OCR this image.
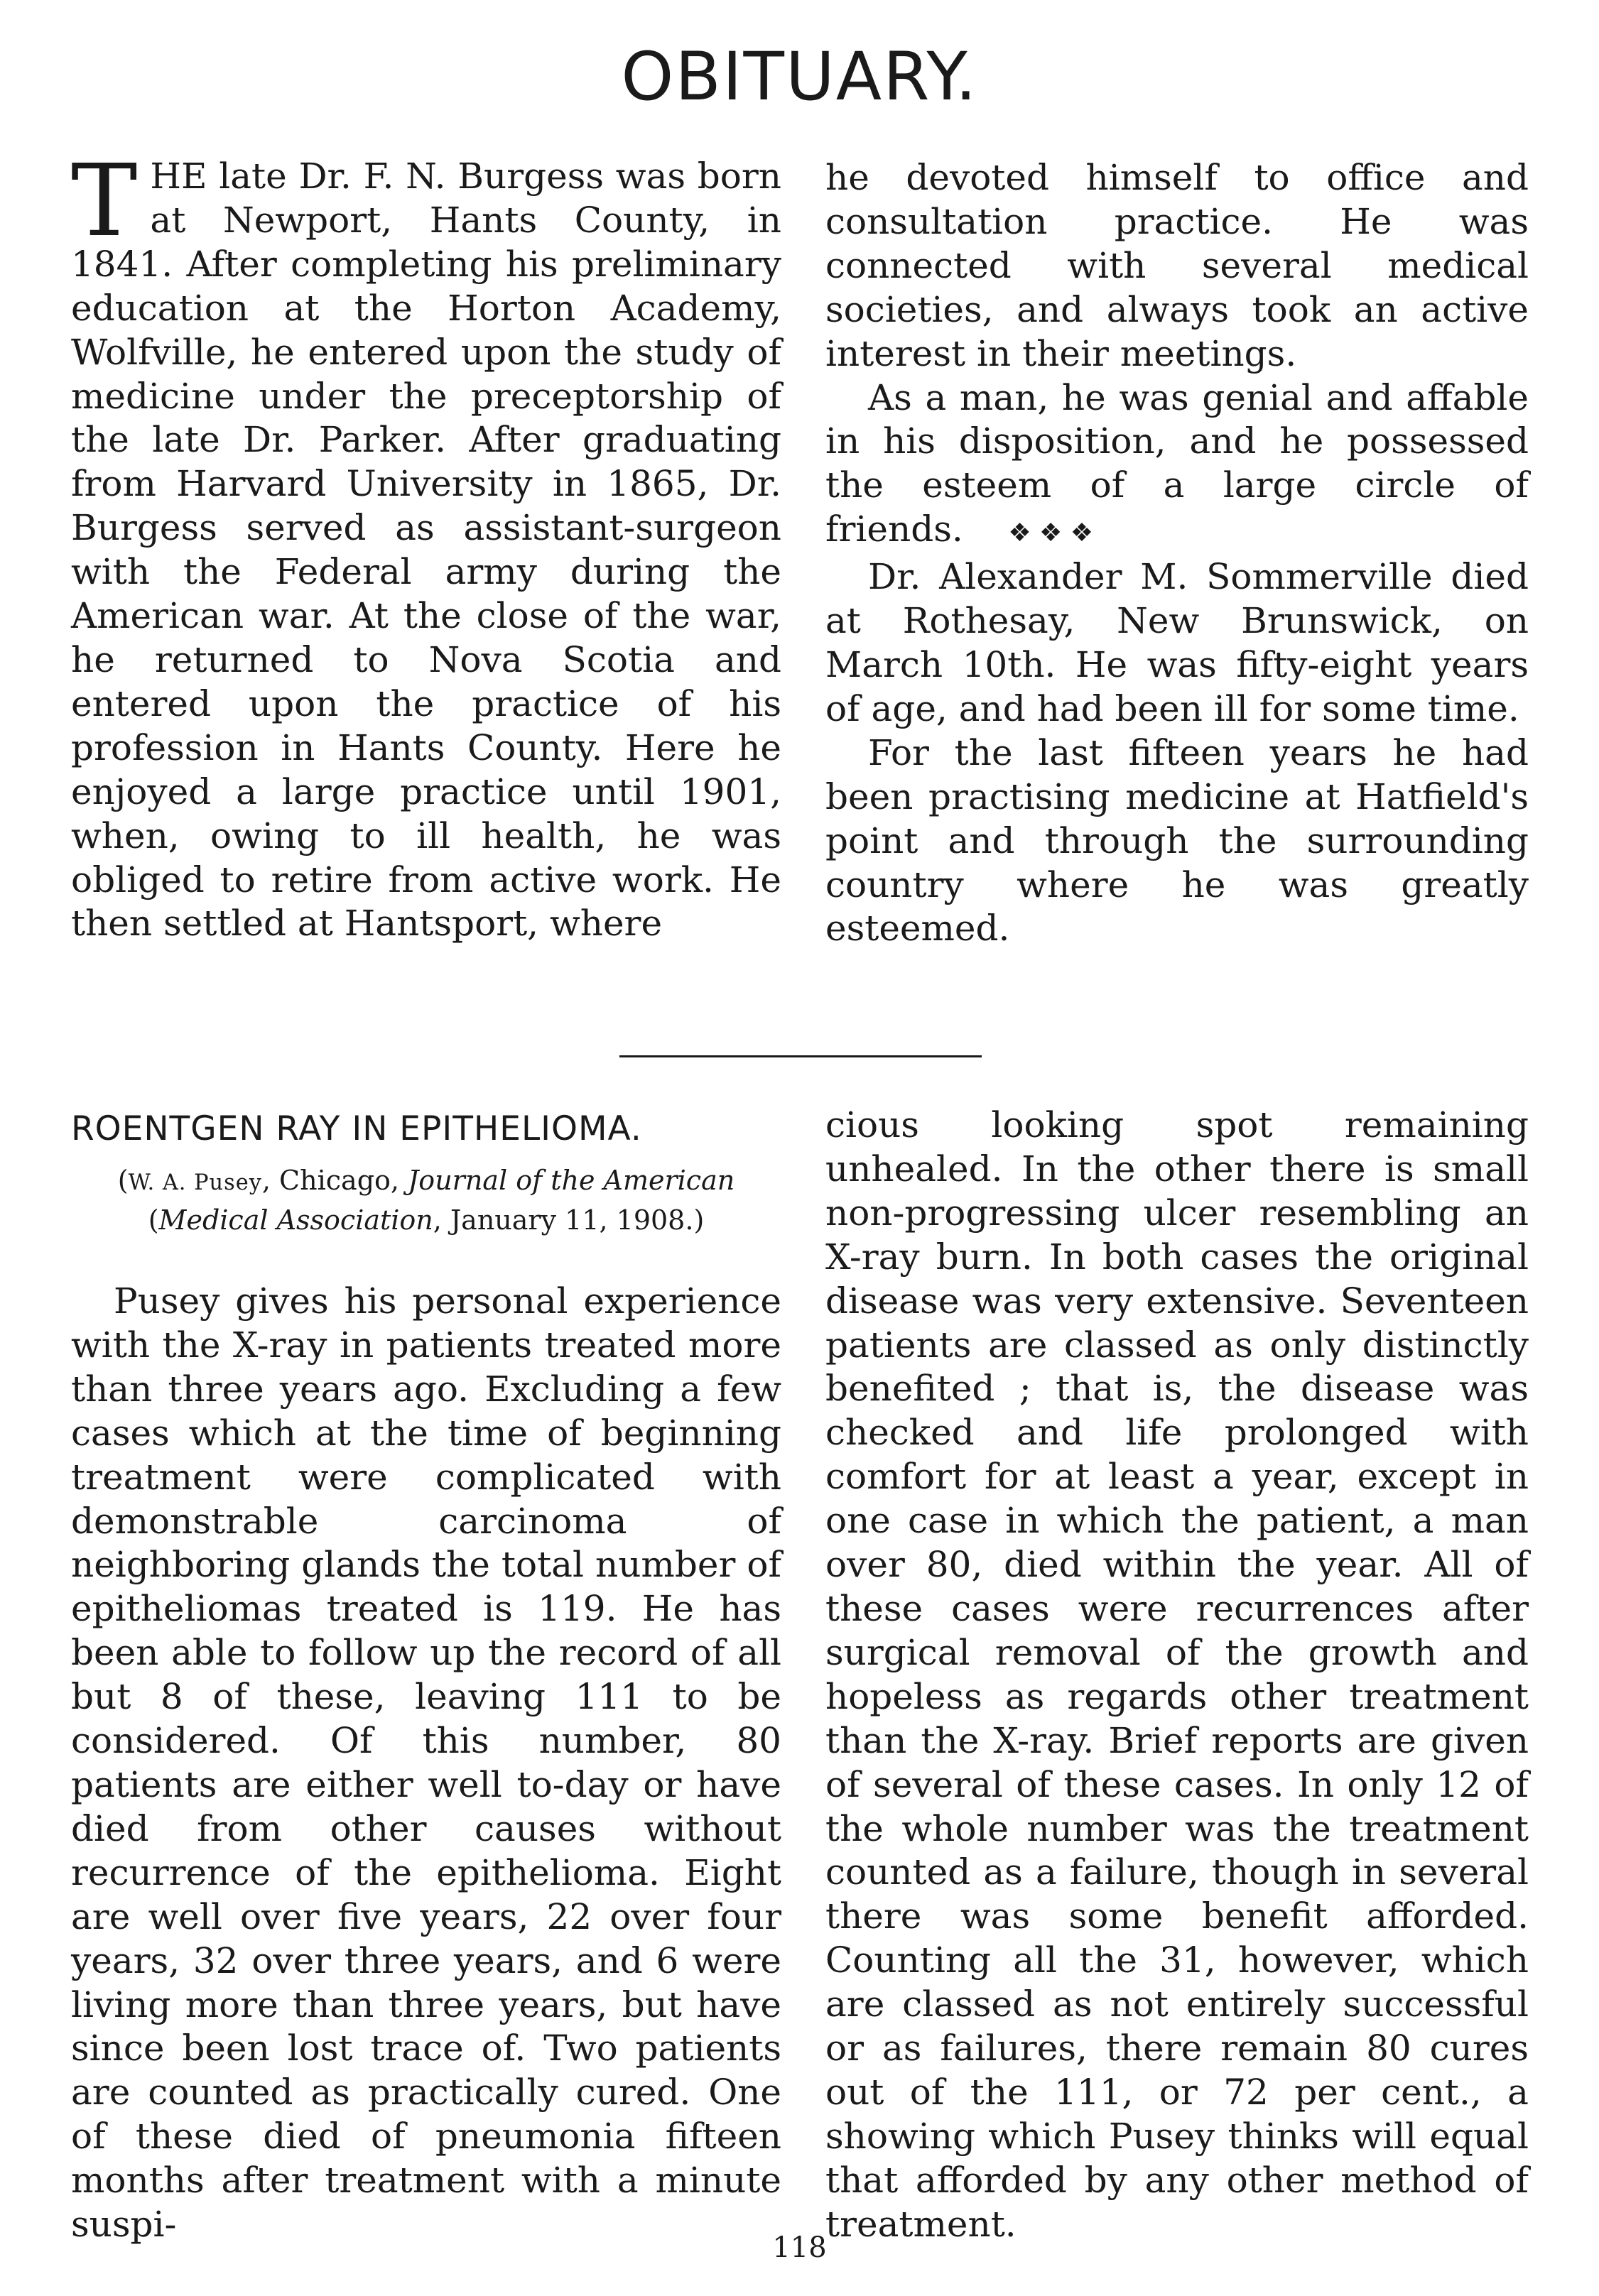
OBITUARY.

THE late Dr. F. N. Burgess was born at Newport, Hants County, in 1841. After completing his preliminary education at the Horton Academy, Wolfville, he entered upon the study of medicine under the preceptorship of the late Dr. Parker. After graduating from Harvard University in 1865, Dr. Burgess served as assistant-surgeon with the Federal army during the American war. At the close of the war, he returned to Nova Scotia and entered upon the practice of his profession in Hants County. Here he enjoyed a large practice until 1901, when, owing to ill health, he was obliged to retire from active work. He then settled at Hantsport, where

he devoted himself to office and consultation practice. He was connected with several medical societies, and always took an active interest in their meetings.

As a man, he was genial and affable in his disposition, and he possessed the esteem of a large circle of friends. ❖ ❖ ❖

Dr. Alexander M. Sommerville died at Rothesay, New Brunswick, on March 10th. He was fifty-eight years of age, and had been ill for some time.

For the last fifteen years he had been practising medicine at Hatfield's point and through the surrounding country where he was greatly esteemed.

ROENTGEN RAY IN EPITHELIOMA.
(W. A. Pusey, Chicago, Journal of the American
(Medical Association, January 11, 1908.)

Pusey gives his personal experience with the X-ray in patients treated more than three years ago. Excluding a few cases which at the time of beginning treatment were complicated with demonstrable carcinoma of neighboring glands the total number of epitheliomas treated is 119. He has been able to follow up the record of all but 8 of these, leaving 111 to be considered. Of this number, 80 patients are either well to-day or have died from other causes without recurrence of the epithelioma. Eight are well over five years, 22 over four years, 32 over three years, and 6 were living more than three years, but have since been lost trace of. Two patients are counted as practically cured. One of these died of pneumonia fifteen months after treatment with a minute suspi-

cious looking spot remaining unhealed. In the other there is small non-progressing ulcer resembling an X-ray burn. In both cases the original disease was very extensive. Seventeen patients are classed as only distinctly benefited ; that is, the disease was checked and life prolonged with comfort for at least a year, except in one case in which the patient, a man over 80, died within the year. All of these cases were recurrences after surgical removal of the growth and hopeless as regards other treatment than the X-ray. Brief reports are given of several of these cases. In only 12 of the whole number was the treatment counted as a failure, though in several there was some benefit afforded. Counting all the 31, however, which are classed as not entirely successful or as failures, there remain 80 cures out of the 111, or 72 per cent., a showing which Pusey thinks will equal that afforded by any other method of treatment.

118
